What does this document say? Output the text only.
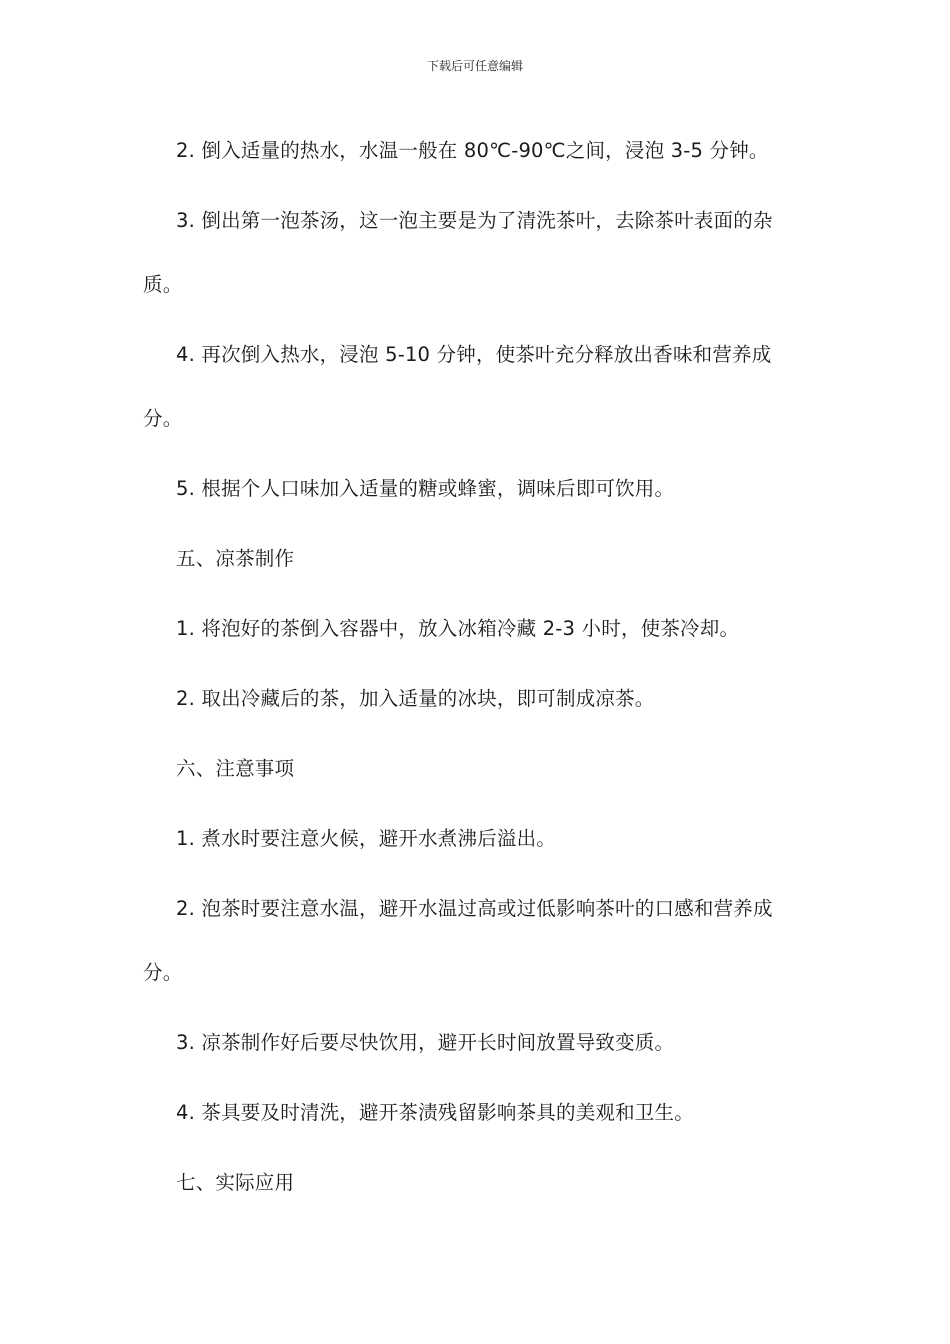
下载后可任意编辑

2. 倒入适量的热水，水温一般在 80℃-90℃之间，浸泡 3-5 分钟。

3. 倒出第一泡茶汤，这一泡主要是为了清洗茶叶，去除茶叶表面的杂质。

4. 再次倒入热水，浸泡 5-10 分钟，使茶叶充分释放出香味和营养成分。

5. 根据个人口味加入适量的糖或蜂蜜，调味后即可饮用。

五、凉茶制作

1. 将泡好的茶倒入容器中，放入冰箱冷藏 2-3 小时，使茶冷却。

2. 取出冷藏后的茶，加入适量的冰块，即可制成凉茶。

六、注意事项

1. 煮水时要注意火候，避开水煮沸后溢出。

2. 泡茶时要注意水温，避开水温过高或过低影响茶叶的口感和营养成分。

3. 凉茶制作好后要尽快饮用，避开长时间放置导致变质。

4. 茶具要及时清洗，避开茶渍残留影响茶具的美观和卫生。

七、实际应用
